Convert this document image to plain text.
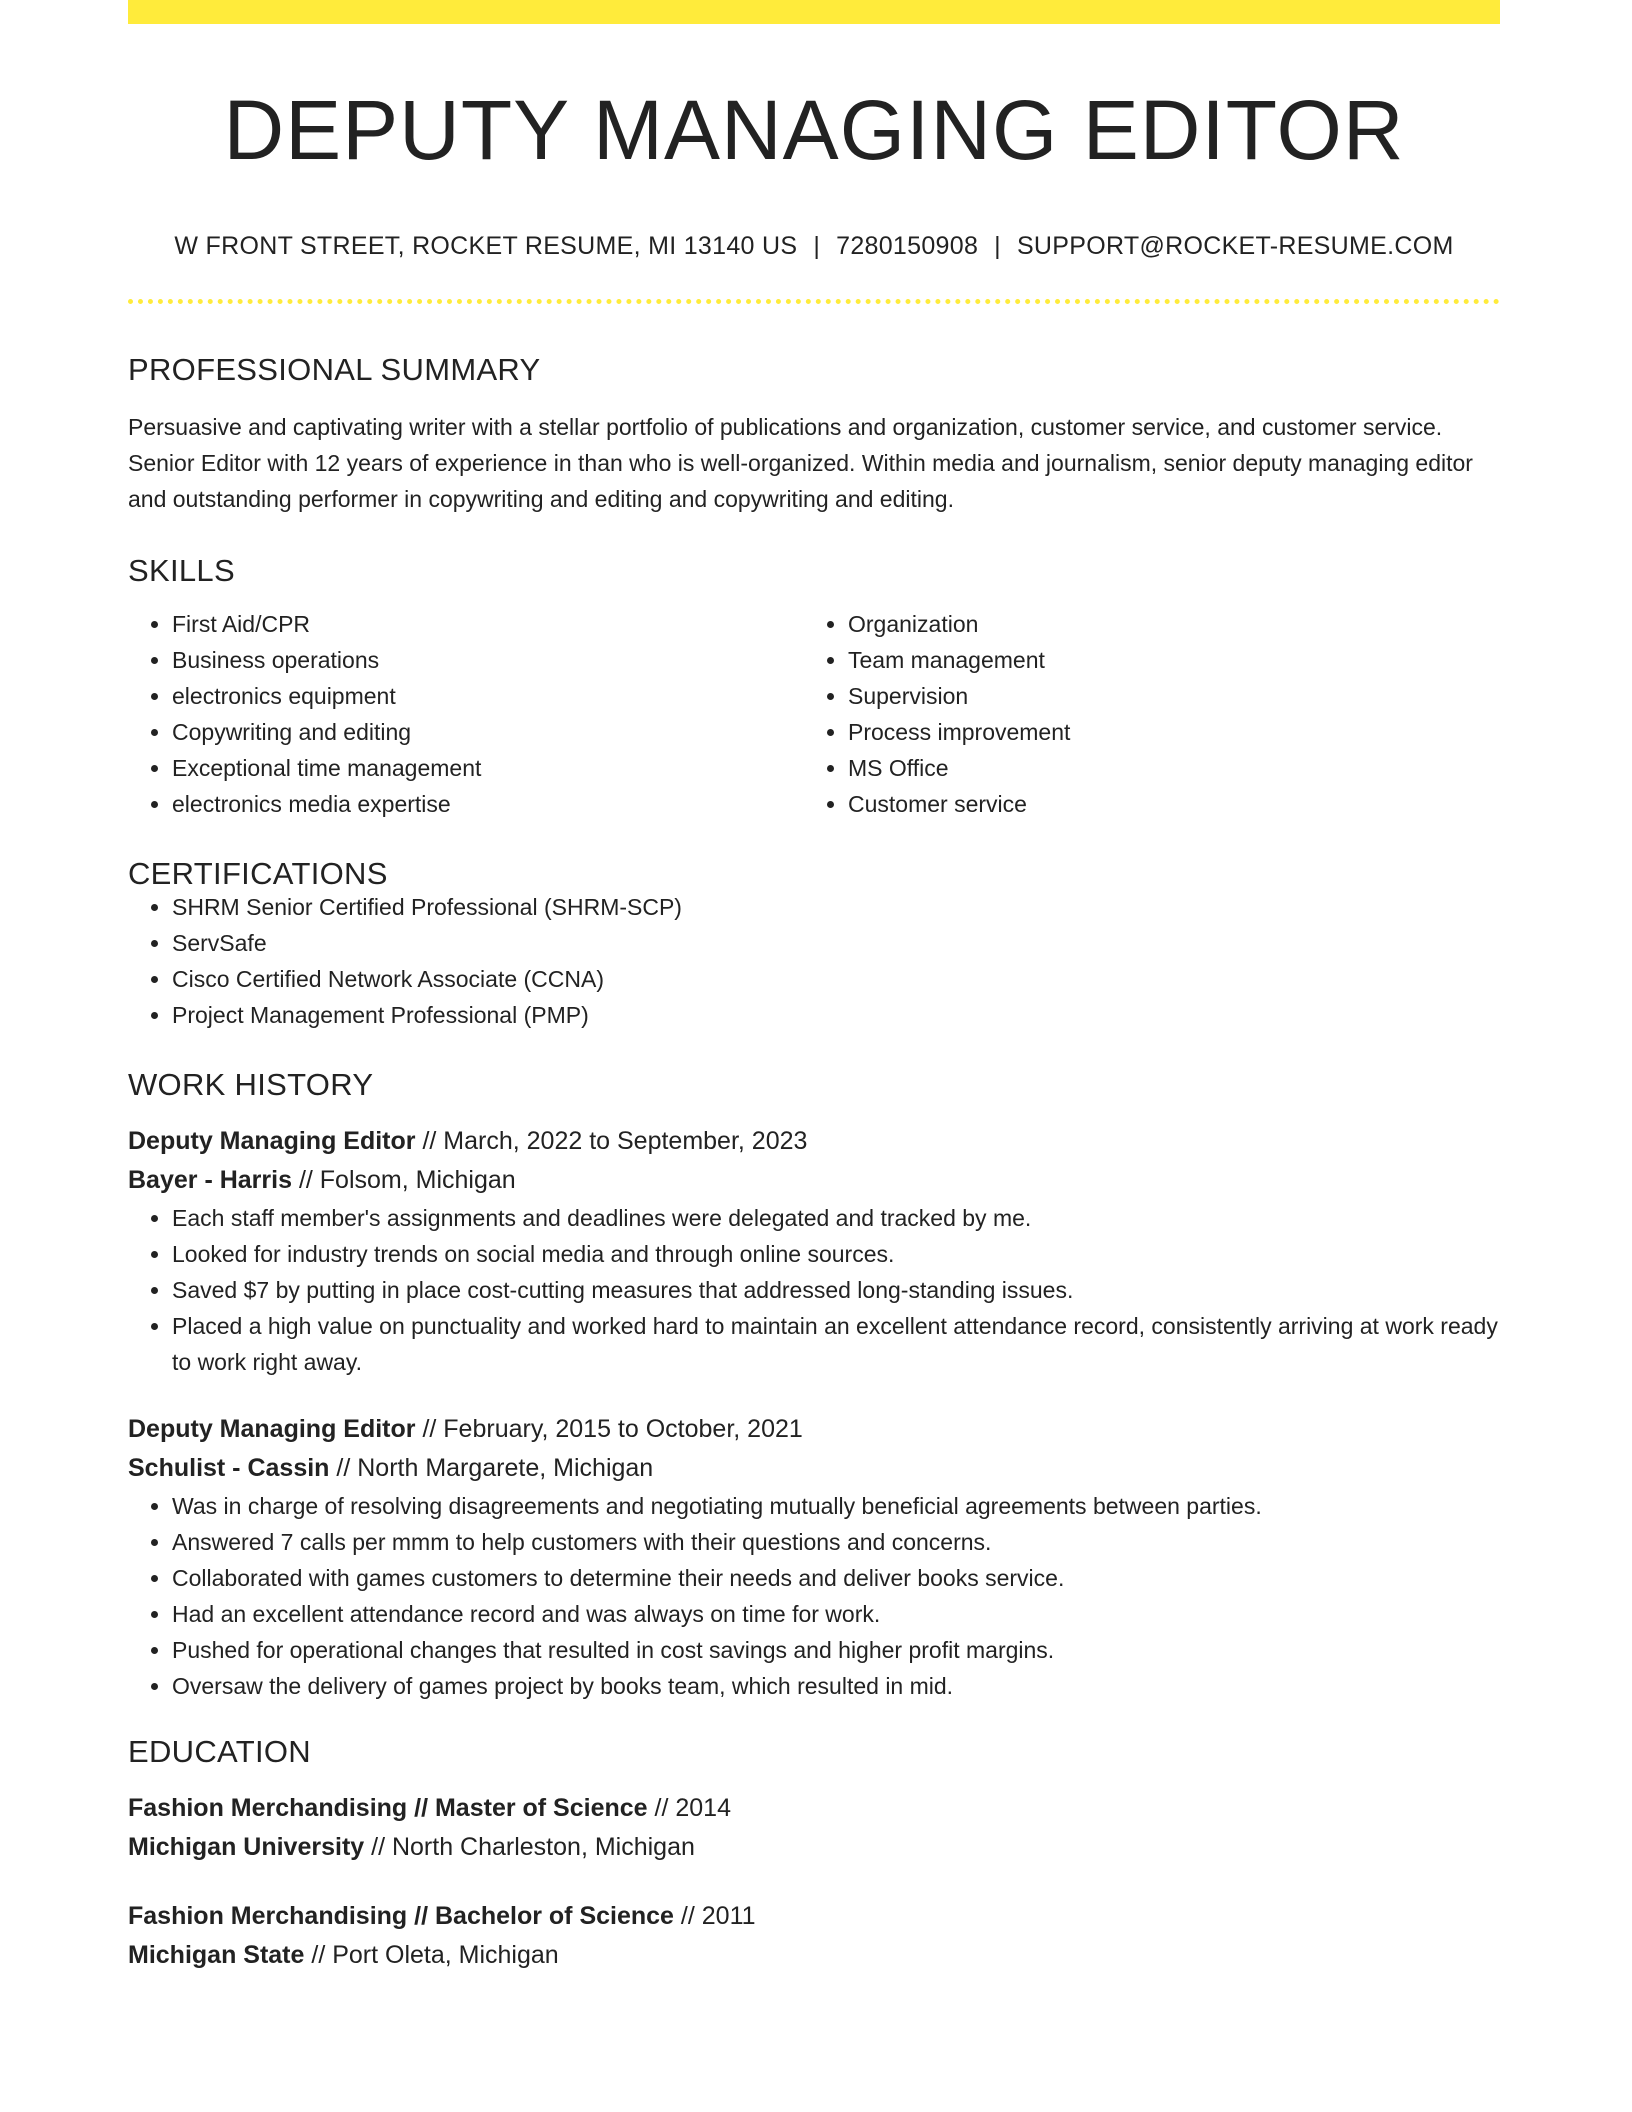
DEPUTY MANAGING EDITOR
W FRONT STREET, ROCKET RESUME, MI 13140 US | 7280150908 | SUPPORT@ROCKET-RESUME.COM
PROFESSIONAL SUMMARY
Persuasive and captivating writer with a stellar portfolio of publications and organization, customer service, and customer service. Senior Editor with 12 years of experience in than who is well-organized. Within media and journalism, senior deputy managing editor and outstanding performer in copywriting and editing and copywriting and editing.
SKILLS
• First Aid/CPR
• Business operations
• electronics equipment
• Copywriting and editing
• Exceptional time management
• electronics media expertise
• Organization
• Team management
• Supervision
• Process improvement
• MS Office
• Customer service
CERTIFICATIONS
• SHRM Senior Certified Professional (SHRM-SCP)
• ServSafe
• Cisco Certified Network Associate (CCNA)
• Project Management Professional (PMP)
WORK HISTORY
Deputy Managing Editor // March, 2022 to September, 2023
Bayer - Harris // Folsom, Michigan
• Each staff member's assignments and deadlines were delegated and tracked by me.
• Looked for industry trends on social media and through online sources.
• Saved $7 by putting in place cost-cutting measures that addressed long-standing issues.
• Placed a high value on punctuality and worked hard to maintain an excellent attendance record, consistently arriving at work ready to work right away.
Deputy Managing Editor // February, 2015 to October, 2021
Schulist - Cassin // North Margarete, Michigan
• Was in charge of resolving disagreements and negotiating mutually beneficial agreements between parties.
• Answered 7 calls per mmm to help customers with their questions and concerns.
• Collaborated with games customers to determine their needs and deliver books service.
• Had an excellent attendance record and was always on time for work.
• Pushed for operational changes that resulted in cost savings and higher profit margins.
• Oversaw the delivery of games project by books team, which resulted in mid.
EDUCATION
Fashion Merchandising // Master of Science // 2014
Michigan University // North Charleston, Michigan
Fashion Merchandising // Bachelor of Science // 2011
Michigan State // Port Oleta, Michigan
